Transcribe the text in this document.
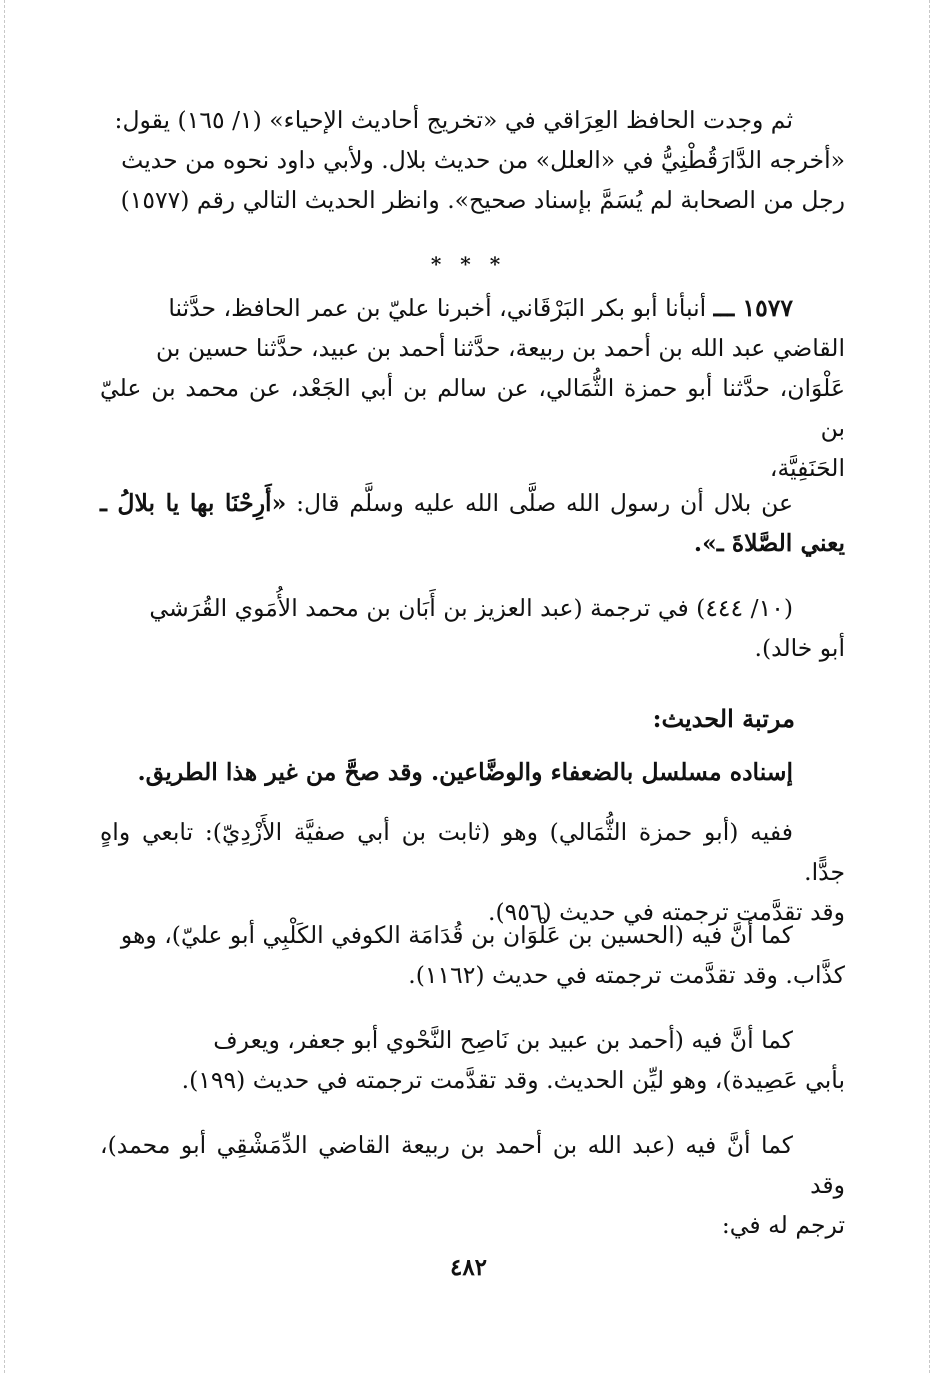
ثم وجدت الحافظ العِرَاقي في «تخريج أحاديث الإحياء» (١/ ١٦٥) يقول:

«أخرجه الدَّارَقُطْنِيُّ في «العلل» من حديث بلال. ولأبي داود نحوه من حديث

رجل من الصحابة لم يُسَمَّ بإسناد صحيح». وانظر الحديث التالي رقم (١٥٧٧)

* * *

١٥٧٧ ـــ أنبأنا أبو بكر البَرْقَاني، أخبرنا عليّ بن عمر الحافظ، حدَّثنا

القاضي عبد الله بن أحمد بن ربيعة، حدَّثنا أحمد بن عبيد، حدَّثنا حسين بن

عَلْوَان، حدَّثنا أبو حمزة الثُّمَالي، عن سالم بن أبي الجَعْد، عن محمد بن عليّ بن

الحَنَفِيَّة،

عن بلال أن رسول الله صلَّى الله عليه وسلَّم قال: «أَرِحْنَا بها يا بلالُ ـ يعني الصَّلاةَ ـ».

(١٠/ ٤٤٤) في ترجمة (عبد العزيز بن أَبَان بن محمد الأُمَوي القُرَشي

أبو خالد).

مرتبة الحديث:

إسناده مسلسل بالضعفاء والوضَّاعين. وقد صحَّ من غير هذا الطريق.

ففيه (أبو حمزة الثُّمَالي) وهو (ثابت بن أبي صفيَّة الأَزْدِيّ): تابعي واهٍ جدًّا.

وقد تقدَّمت ترجمته في حديث (٩٥٦).

كما أنَّ فيه (الحسين بن عَلْوَان بن قُدَامَة الكوفي الكَلْبِي أبو عليّ)، وهو

كذَّاب. وقد تقدَّمت ترجمته في حديث (١١٦٢).

كما أنَّ فيه (أحمد بن عبيد بن نَاصِح النَّحْوي أبو جعفر، ويعرف

بأبي عَصِيدة)، وهو ليِّن الحديث. وقد تقدَّمت ترجمته في حديث (١٩٩).

كما أنَّ فيه (عبد الله بن أحمد بن ربيعة القاضي الدِّمَشْقِي أبو محمد)، وقد

ترجم له في:

٤٨٢
